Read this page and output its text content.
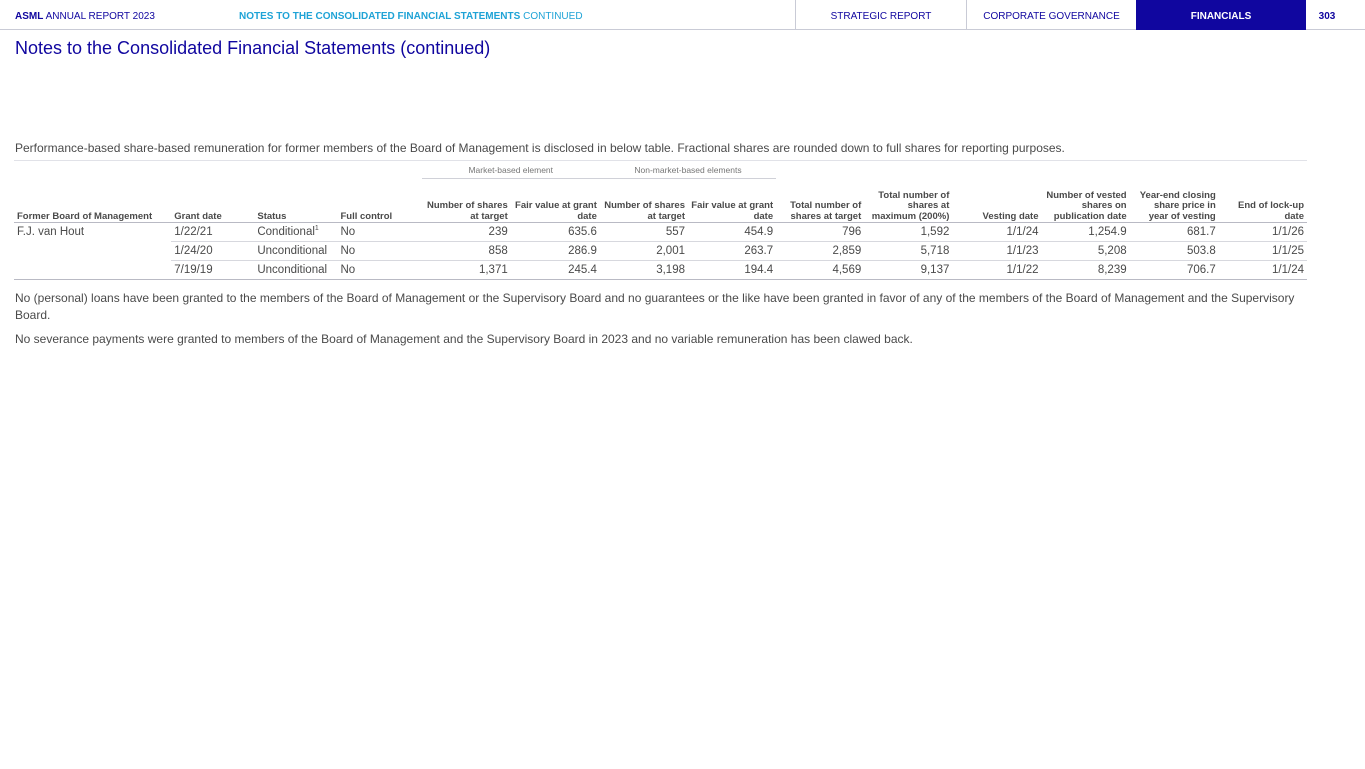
ASML ANNUAL REPORT 2023	NOTES TO THE CONSOLIDATED FINANCIAL STATEMENTS CONTINUED	STRATEGIC REPORT	CORPORATE GOVERNANCE	FINANCIALS	303
Notes to the Consolidated Financial Statements (continued)

Performance-based share-based remuneration for former members of the Board of Management is disclosed in below table. Fractional shares are rounded down to full shares for reporting purposes.

				Market-based element		Non-market-based elements							
Former Board of Management	Grant date	Status	Full control	Number of shares at target	Fair value at grant date	Number of shares at target	Fair value at grant date	Total number of shares at target	Total number of shares at maximum (200%)	Vesting date	Number of vested shares on publication date	Year-end closing share price in year of vesting	End of lock-up date
F.J. van Hout	1/22/21	Conditional$^1$	No	239	635.6	557	454.9	796	1,592	1/1/24	1,254.9	681.7	1/1/26
	1/24/20	Unconditional	No	858	286.9	2,001	263.7	2,859	5,718	1/1/23	5,208	503.8	1/1/25
	7/19/19	Unconditional	No	1,371	245.4	3,198	194.4	4,569	9,137	1/1/22	8,239	706.7	1/1/24

No (personal) loans have been granted to the members of the Board of Management or the Supervisory Board and no guarantees or the like have been granted in favor of any of the members of the Board of Management and the Supervisory Board.

No severance payments were granted to members of the Board of Management and the Supervisory Board in 2023 and no variable remuneration has been clawed back.
